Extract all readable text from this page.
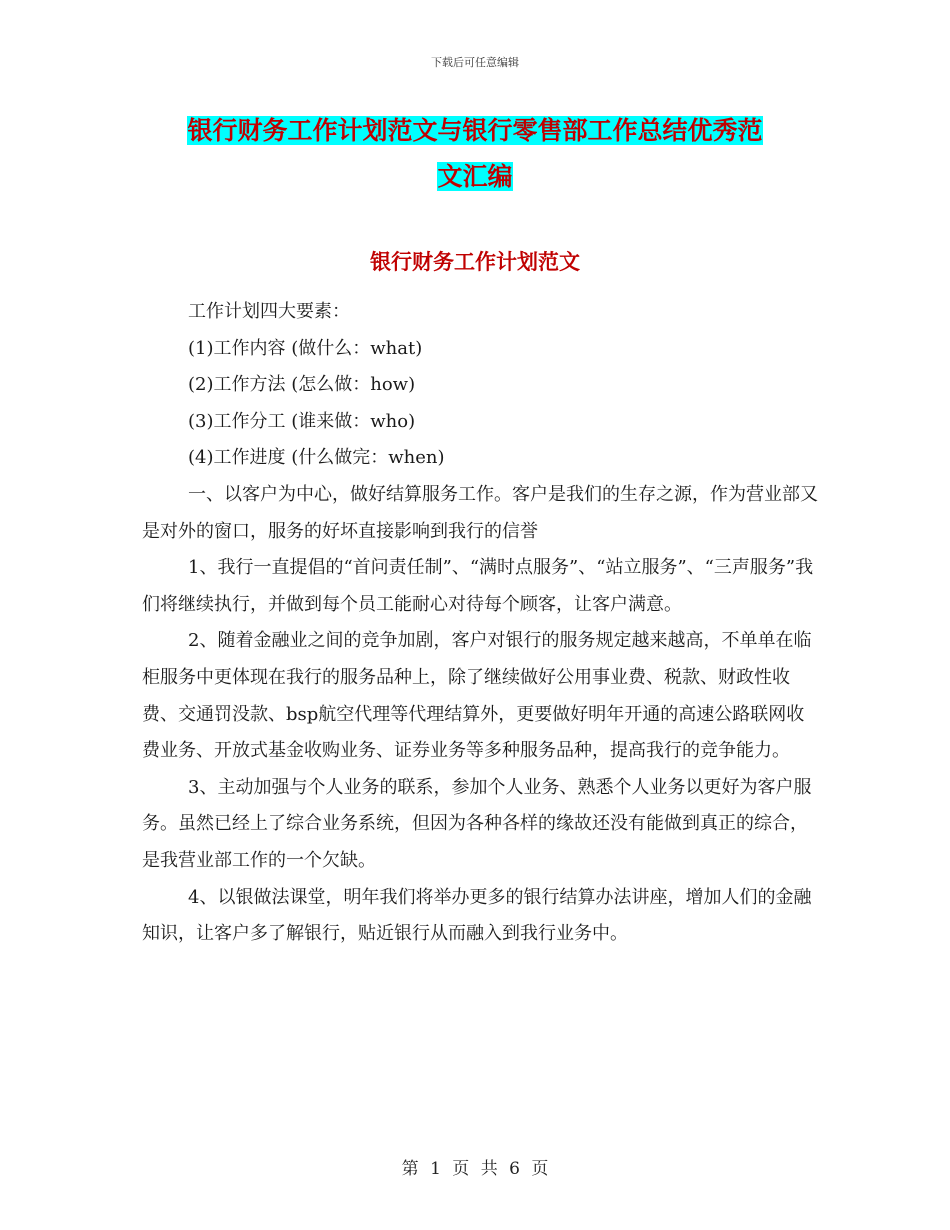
下载后可任意编辑
银行财务工作计划范文与银行零售部工作总结优秀范
文汇编
银行财务工作计划范文

工作计划四大要素：

(1)工作内容 (做什么：what)

(2)工作方法 (怎么做：how)

(3)工作分工 (谁来做：who)

(4)工作进度 (什么做完：when)

一、以客户为中心，做好结算服务工作。客户是我们的生存之源，作为营业部又是对外的窗口，服务的好坏直接影响到我行的信誉

1、我行一直提倡的“首问责任制”、“满时点服务”、“站立服务”、“三声服务”我们将继续执行，并做到每个员工能耐心对待每个顾客，让客户满意。

2、随着金融业之间的竞争加剧，客户对银行的服务规定越来越高，不单单在临柜服务中更体现在我行的服务品种上，除了继续做好公用事业费、税款、财政性收费、交通罚没款、bsp航空代理等代理结算外，更要做好明年开通的高速公路联网收费业务、开放式基金收购业务、证券业务等多种服务品种，提高我行的竞争能力。

3、主动加强与个人业务的联系，参加个人业务、熟悉个人业务以更好为客户服务。虽然已经上了综合业务系统，但因为各种各样的缘故还没有能做到真正的综合，是我营业部工作的一个欠缺。

4、以银做法课堂，明年我们将举办更多的银行结算办法讲座，增加人们的金融知识，让客户多了解银行，贴近银行从而融入到我行业务中。

第 1 页 共 6 页
